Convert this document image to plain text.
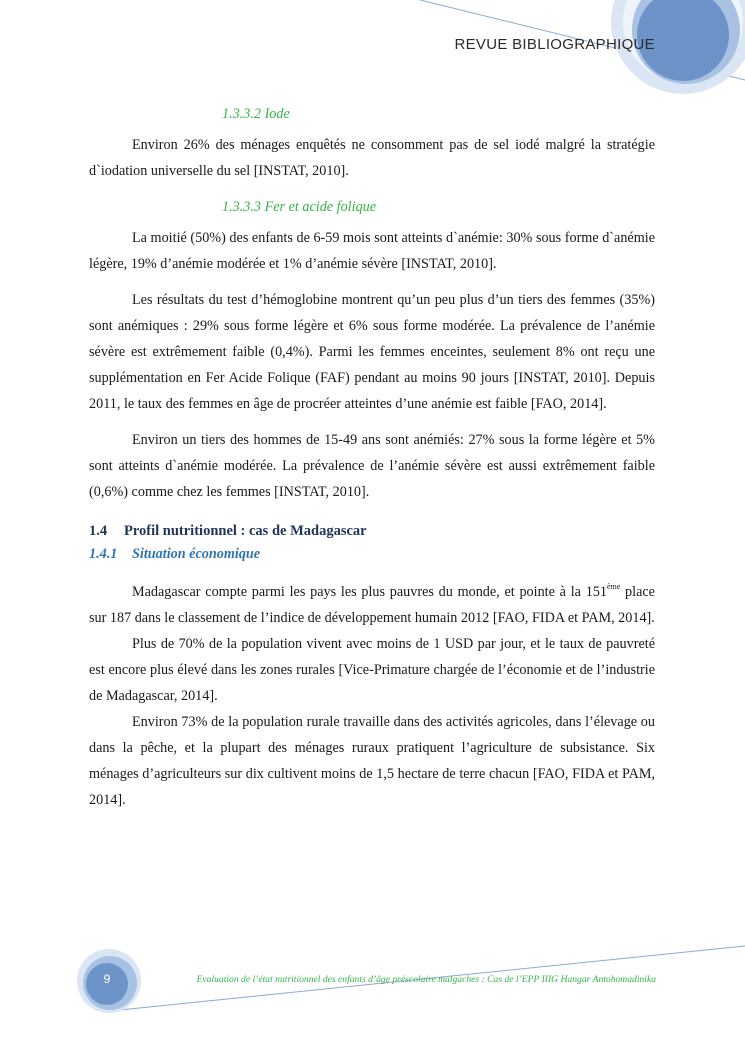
REVUE BIBLIOGRAPHIQUE
1.3.3.2 Iode

Environ 26% des ménages enquêtés ne consomment pas de sel iodé malgré la stratégie d`iodation universelle du sel [INSTAT, 2010].

1.3.3.3 Fer et acide folique

La moitié (50%) des enfants de 6-59 mois sont atteints d`anémie: 30% sous forme d`anémie légère, 19% d’anémie modérée et 1% d’anémie sévère [INSTAT, 2010].

Les résultats du test d’hémoglobine montrent qu’un peu plus d’un tiers des femmes (35%) sont anémiques : 29% sous forme légère et 6% sous forme modérée. La prévalence de l’anémie sévère est extrêmement faible (0,4%). Parmi les femmes enceintes, seulement 8% ont reçu une supplémentation en Fer Acide Folique (FAF) pendant au moins 90 jours [INSTAT, 2010]. Depuis 2011, le taux des femmes en âge de procréer atteintes d’une anémie est faible [FAO, 2014].

Environ un tiers des hommes de 15-49 ans sont anémiés: 27% sous la forme légère et 5% sont atteints d`anémie modérée. La prévalence de l’anémie sévère est aussi extrêmement faible (0,6%) comme chez les femmes [INSTAT, 2010].

1.4 Profil nutritionnel : cas de Madagascar
1.4.1 Situation économique

Madagascar compte parmi les pays les plus pauvres du monde, et pointe à la 151ème place sur 187 dans le classement de l’indice de développement humain 2012 [FAO, FIDA et PAM, 2014].

Plus de 70% de la population vivent avec moins de 1 USD par jour, et le taux de pauvreté est encore plus élevé dans les zones rurales [Vice-Primature chargée de l’économie et de l’industrie de Madagascar, 2014].

Environ 73% de la population rurale travaille dans des activités agricoles, dans l’élevage ou dans la pêche, et la plupart des ménages ruraux pratiquent l’agriculture de subsistance. Six ménages d’agriculteurs sur dix cultivent moins de 1,5 hectare de terre chacun [FAO, FIDA et PAM, 2014].

9	Evaluation de l’état nutritionnel des enfants d’âge préscolaire malgaches : Cas de l’EPP IIIG Hangar Antohomadinika
